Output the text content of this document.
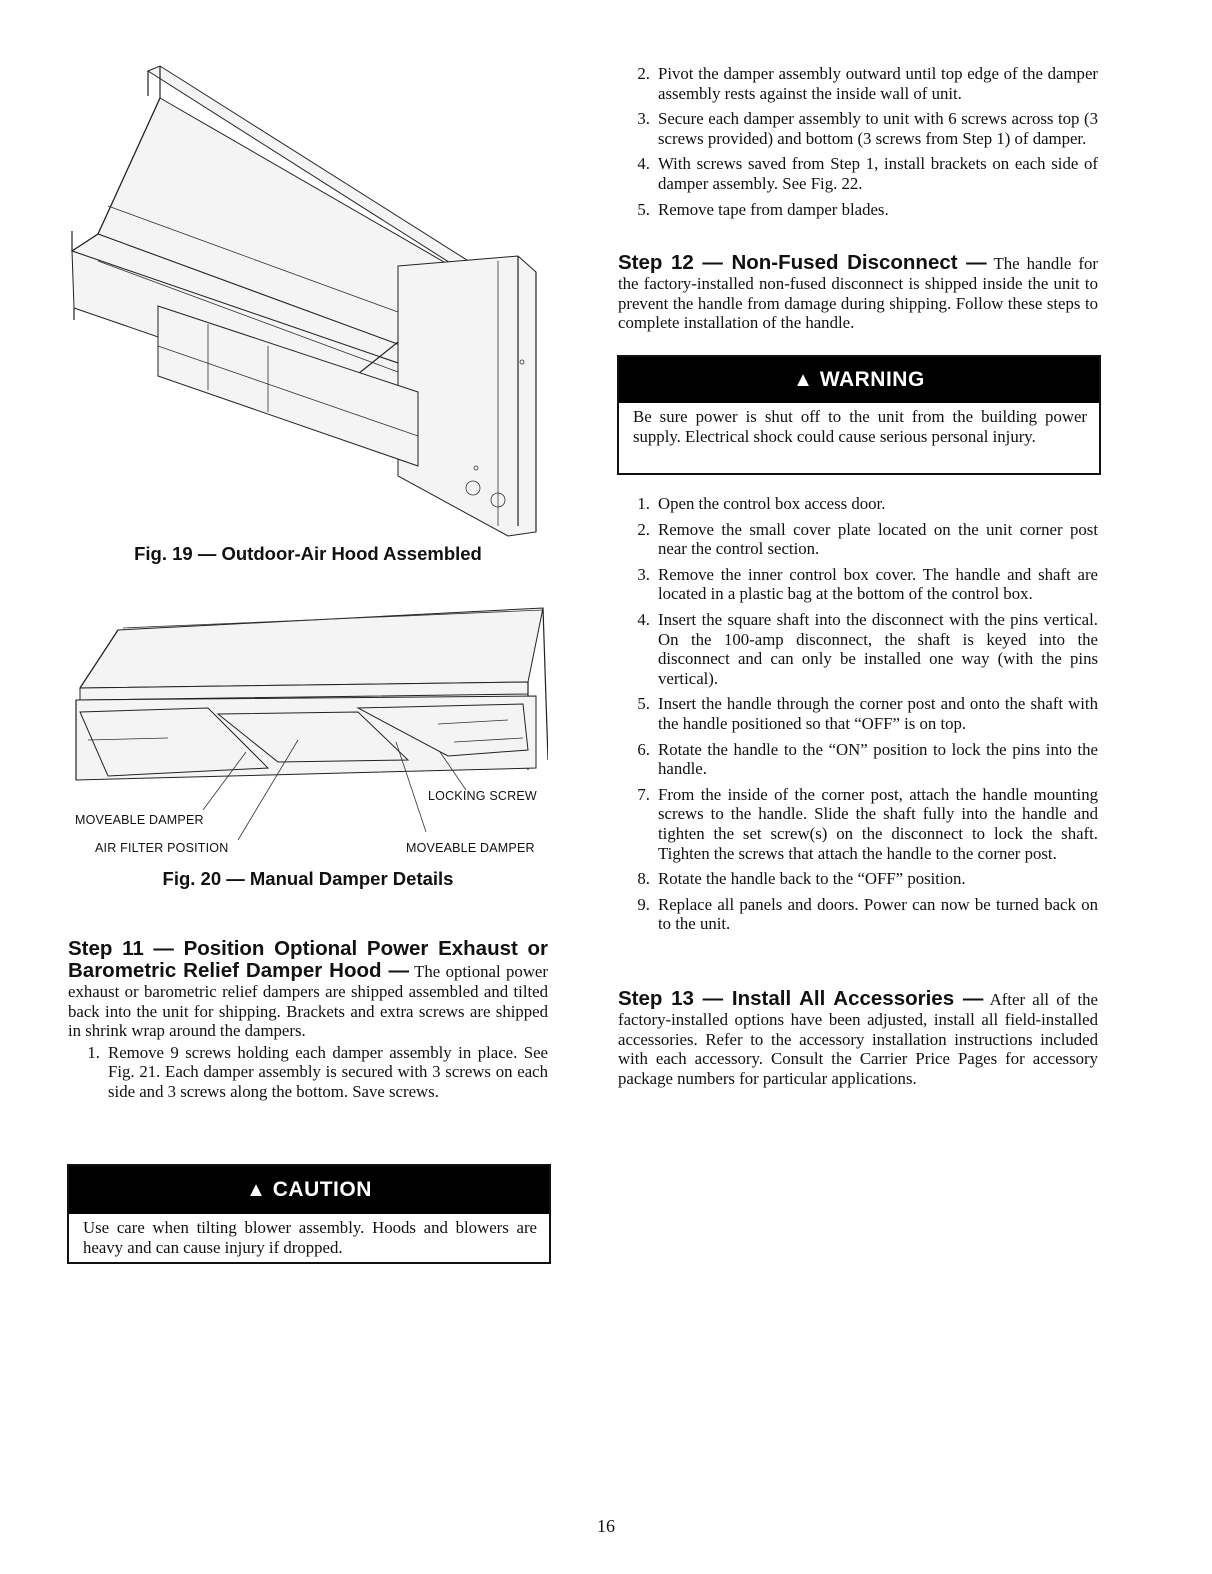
Fig. 19 — Outdoor-Air Hood Assembled
LOCKING SCREW
MOVEABLE DAMPER
AIR FILTER POSITION	MOVEABLE DAMPER
Fig. 20 — Manual Damper Details
Step 11 — Position Optional Power Exhaust or Barometric Relief Damper Hood — The optional power exhaust or barometric relief dampers are shipped assembled and tilted back into the unit for shipping. Brackets and extra screws are shipped in shrink wrap around the dampers.
1. Remove 9 screws holding each damper assembly in place. See Fig. 21. Each damper assembly is secured with 3 screws on each side and 3 screws along the bottom. Save screws.
▲ CAUTION
Use care when tilting blower assembly. Hoods and blowers are heavy and can cause injury if dropped.
2. Pivot the damper assembly outward until top edge of the damper assembly rests against the inside wall of unit.
3. Secure each damper assembly to unit with 6 screws across top (3 screws provided) and bottom (3 screws from Step 1) of damper.
4. With screws saved from Step 1, install brackets on each side of damper assembly. See Fig. 22.
5. Remove tape from damper blades.
Step 12 — Non-Fused Disconnect — The handle for the factory-installed non-fused disconnect is shipped inside the unit to prevent the handle from damage during shipping. Follow these steps to complete installation of the handle.
▲ WARNING
Be sure power is shut off to the unit from the building power supply. Electrical shock could cause serious personal injury.
1. Open the control box access door.
2. Remove the small cover plate located on the unit corner post near the control section.
3. Remove the inner control box cover. The handle and shaft are located in a plastic bag at the bottom of the control box.
4. Insert the square shaft into the disconnect with the pins vertical. On the 100-amp disconnect, the shaft is keyed into the disconnect and can only be installed one way (with the pins vertical).
5. Insert the handle through the corner post and onto the shaft with the handle positioned so that “OFF” is on top.
6. Rotate the handle to the “ON” position to lock the pins into the handle.
7. From the inside of the corner post, attach the handle mounting screws to the handle. Slide the shaft fully into the handle and tighten the set screw(s) on the disconnect to lock the shaft. Tighten the screws that attach the handle to the corner post.
8. Rotate the handle back to the “OFF” position.
9. Replace all panels and doors. Power can now be turned back on to the unit.
Step 13 — Install All Accessories — After all of the factory-installed options have been adjusted, install all field-installed accessories. Refer to the accessory installation instructions included with each accessory. Consult the Carrier Price Pages for accessory package numbers for particular applications.
16
